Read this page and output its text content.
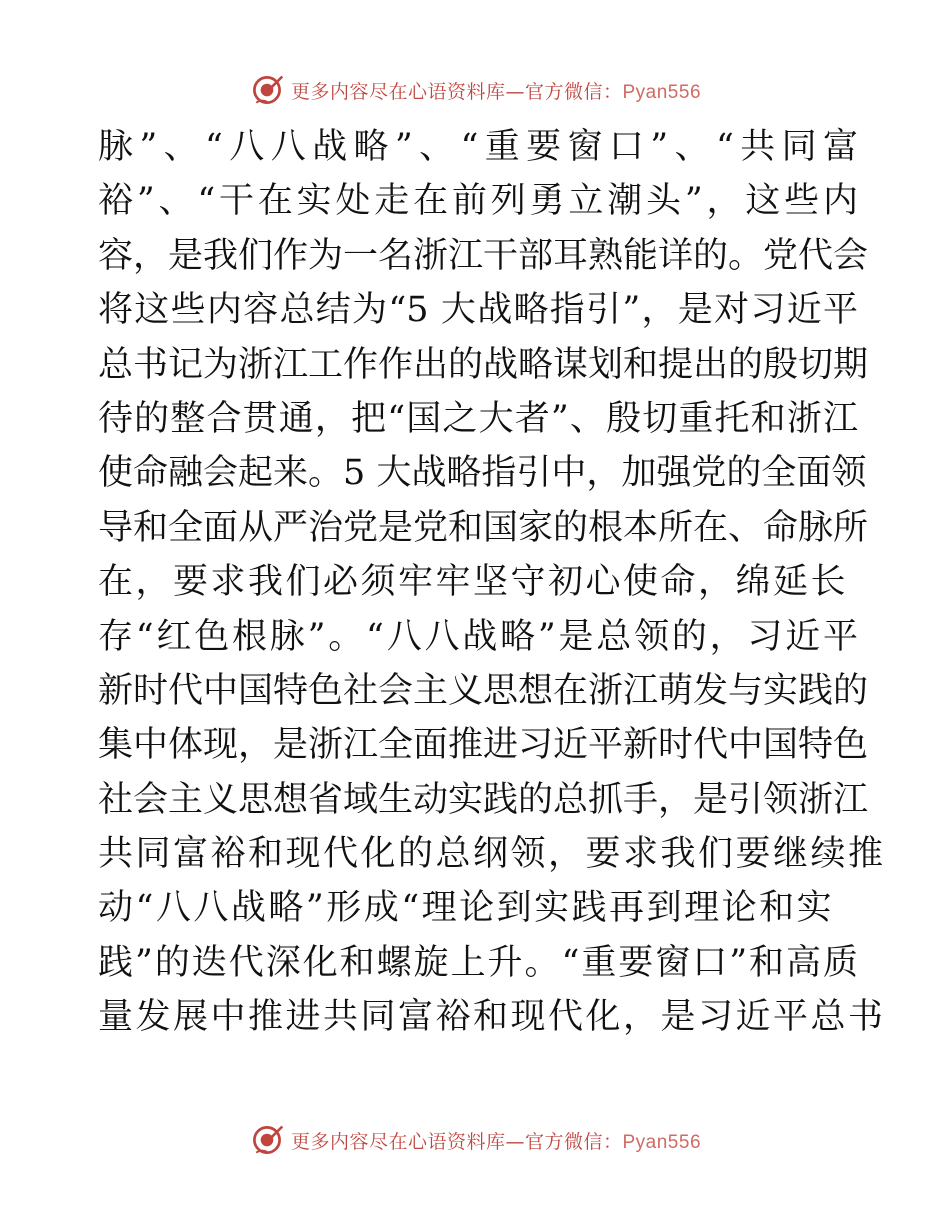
更多内容尽在心语资料库—官方微信：Pyan556
脉”、“八八战略”、“重要窗口”、“共同富
裕”、“干在实处走在前列勇立潮头”，这些内
容，是我们作为一名浙江干部耳熟能详的。党代会
将这些内容总结为“5 大战略指引”，是对习近平
总书记为浙江工作作出的战略谋划和提出的殷切期
待的整合贯通，把“国之大者”、殷切重托和浙江
使命融会起来。5 大战略指引中，加强党的全面领
导和全面从严治党是党和国家的根本所在、命脉所
在，要求我们必须牢牢坚守初心使命，绵延长
存“红色根脉”。“八八战略”是总领的，习近平
新时代中国特色社会主义思想在浙江萌发与实践的
集中体现，是浙江全面推进习近平新时代中国特色
社会主义思想省域生动实践的总抓手，是引领浙江
共同富裕和现代化的总纲领，要求我们要继续推
动“八八战略”形成“理论到实践再到理论和实
践”的迭代深化和螺旋上升。“重要窗口”和高质
量发展中推进共同富裕和现代化，是习近平总书
更多内容尽在心语资料库—官方微信：Pyan556
